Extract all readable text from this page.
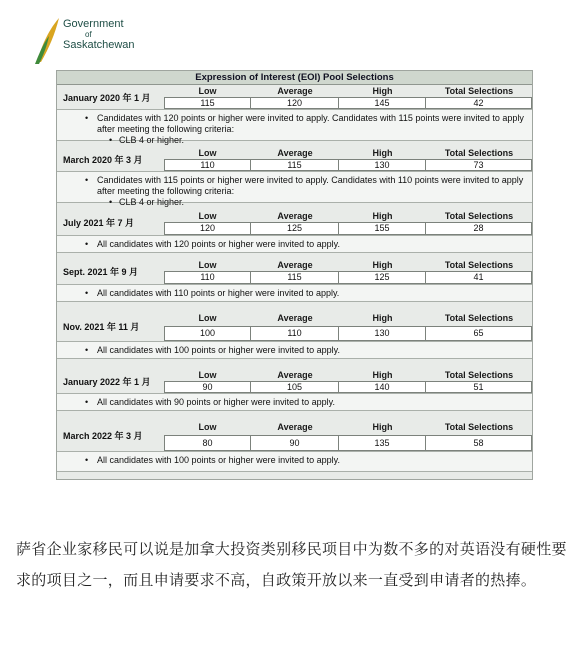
Government
of
Saskatchewan
Expression of Interest (EOI) Pool Selections
January 2020 年 1 月
Low	Average	High	Total Selections
115	120	145	42
• Candidates with 120 points or higher were invited to apply. Candidates with 115 points were invited to apply after meeting the following criteria:
• CLB 4 or higher.
March 2020 年 3 月
Low	Average	High	Total Selections
110	115	130	73
• Candidates with 115 points or higher were invited to apply. Candidates with 110 points were invited to apply after meeting the following criteria:
• CLB 4 or higher.
July 2021 年 7 月
Low	Average	High	Total Selections
120	125	155	28
• All candidates with 120 points or higher were invited to apply.
Sept. 2021 年 9 月
Low	Average	High	Total Selections
110	115	125	41
• All candidates with 110 points or higher were invited to apply.
Nov. 2021 年 11 月
Low	Average	High	Total Selections
100	110	130	65
• All candidates with 100 points or higher were invited to apply.
January 2022 年 1 月
Low	Average	High	Total Selections
90	105	140	51
• All candidates with 90 points or higher were invited to apply.
March 2022 年 3 月
Low	Average	High	Total Selections
80	90	135	58
• All candidates with 100 points or higher were invited to apply.
萨省企业家移民可以说是加拿大投资类别移民项目中为数不多的对英语没有硬性要求的项目之一，而且申请要求不高，自政策开放以来一直受到申请者的热捧。
